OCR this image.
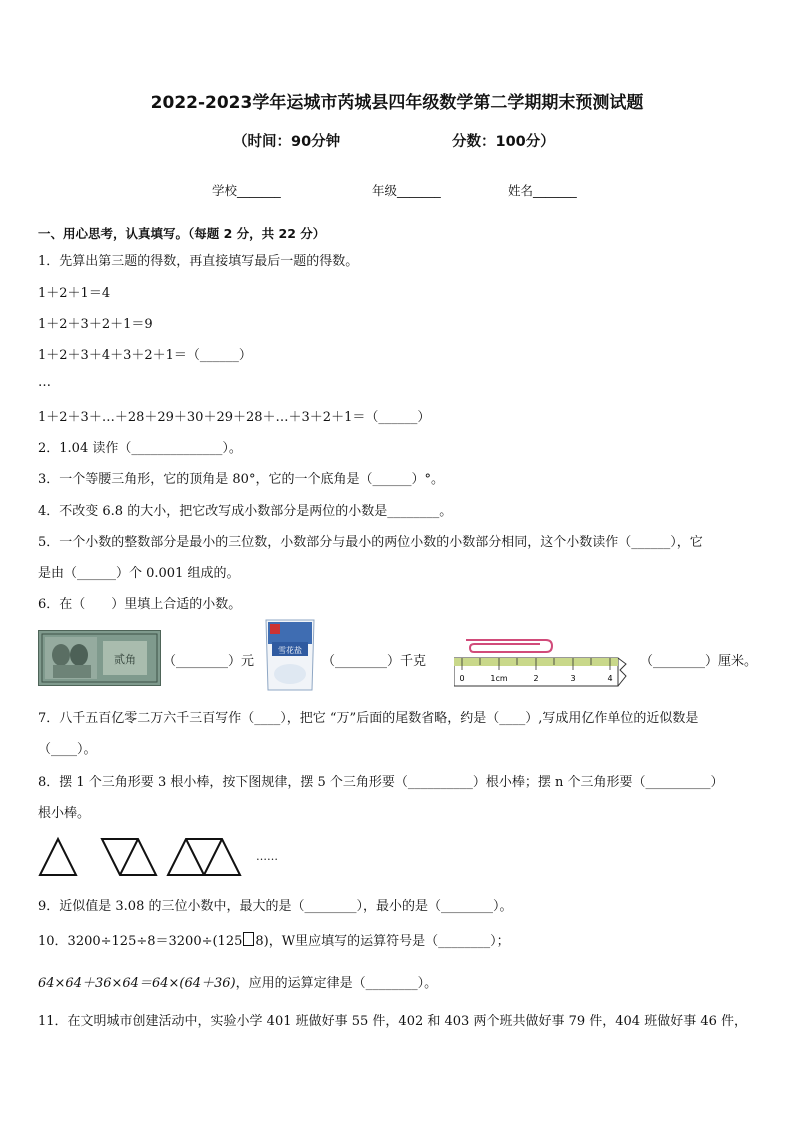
2022-2023学年运城市芮城县四年级数学第二学期期末预测试题
（时间：90分钟	分数：100分）
学校_______	年级_______	姓名_______
一、用心思考，认真填写。（每题 2 分，共 22 分）
1．先算出第三题的得数，再直接填写最后一题的得数。
1＋2＋1＝4
1＋2＋3＋2＋1＝9
1＋2＋3＋4＋3＋2＋1＝（______）
…
1＋2＋3＋…＋28＋29＋30＋29＋28＋…＋3＋2＋1＝（______）
2．1.04 读作（______________）。
3．一个等腰三角形，它的顶角是 80°，它的一个底角是（______）°。
4．不改变 6.8 的大小，把它改写成小数部分是两位的小数是________。
5．一个小数的整数部分是最小的三位数，小数部分与最小的两位小数的小数部分相同，这个小数读作（______），它
是由（______）个 0.001 组成的。
6．在（　　）里填上合适的小数。
贰角 （________）元
雪花盐
（________）千克
0	1cm	2	3	4
（________）厘米。
7．八千五百亿零二万六千三百写作（____），把它 “万”后面的尾数省略，约是（____）,写成用亿作单位的近似数是
（____）。
8．摆 1 个三角形要 3 根小棒，按下图规律，摆 5 个三角形要（__________）根小棒；摆 n 个三角形要（__________）
根小棒。
……
9．近似值是 3.08 的三位小数中，最大的是（________），最小的是（________）。
10．3200÷125÷8＝3200÷(125 8)，W里应填写的运算符号是（________）；
64×64＋36×64＝64×(64＋36)，应用的运算定律是（________）。
11．在文明城市创建活动中，实验小学 401 班做好事 55 件，402 和 403 两个班共做好事 79 件，404 班做好事 46 件，
